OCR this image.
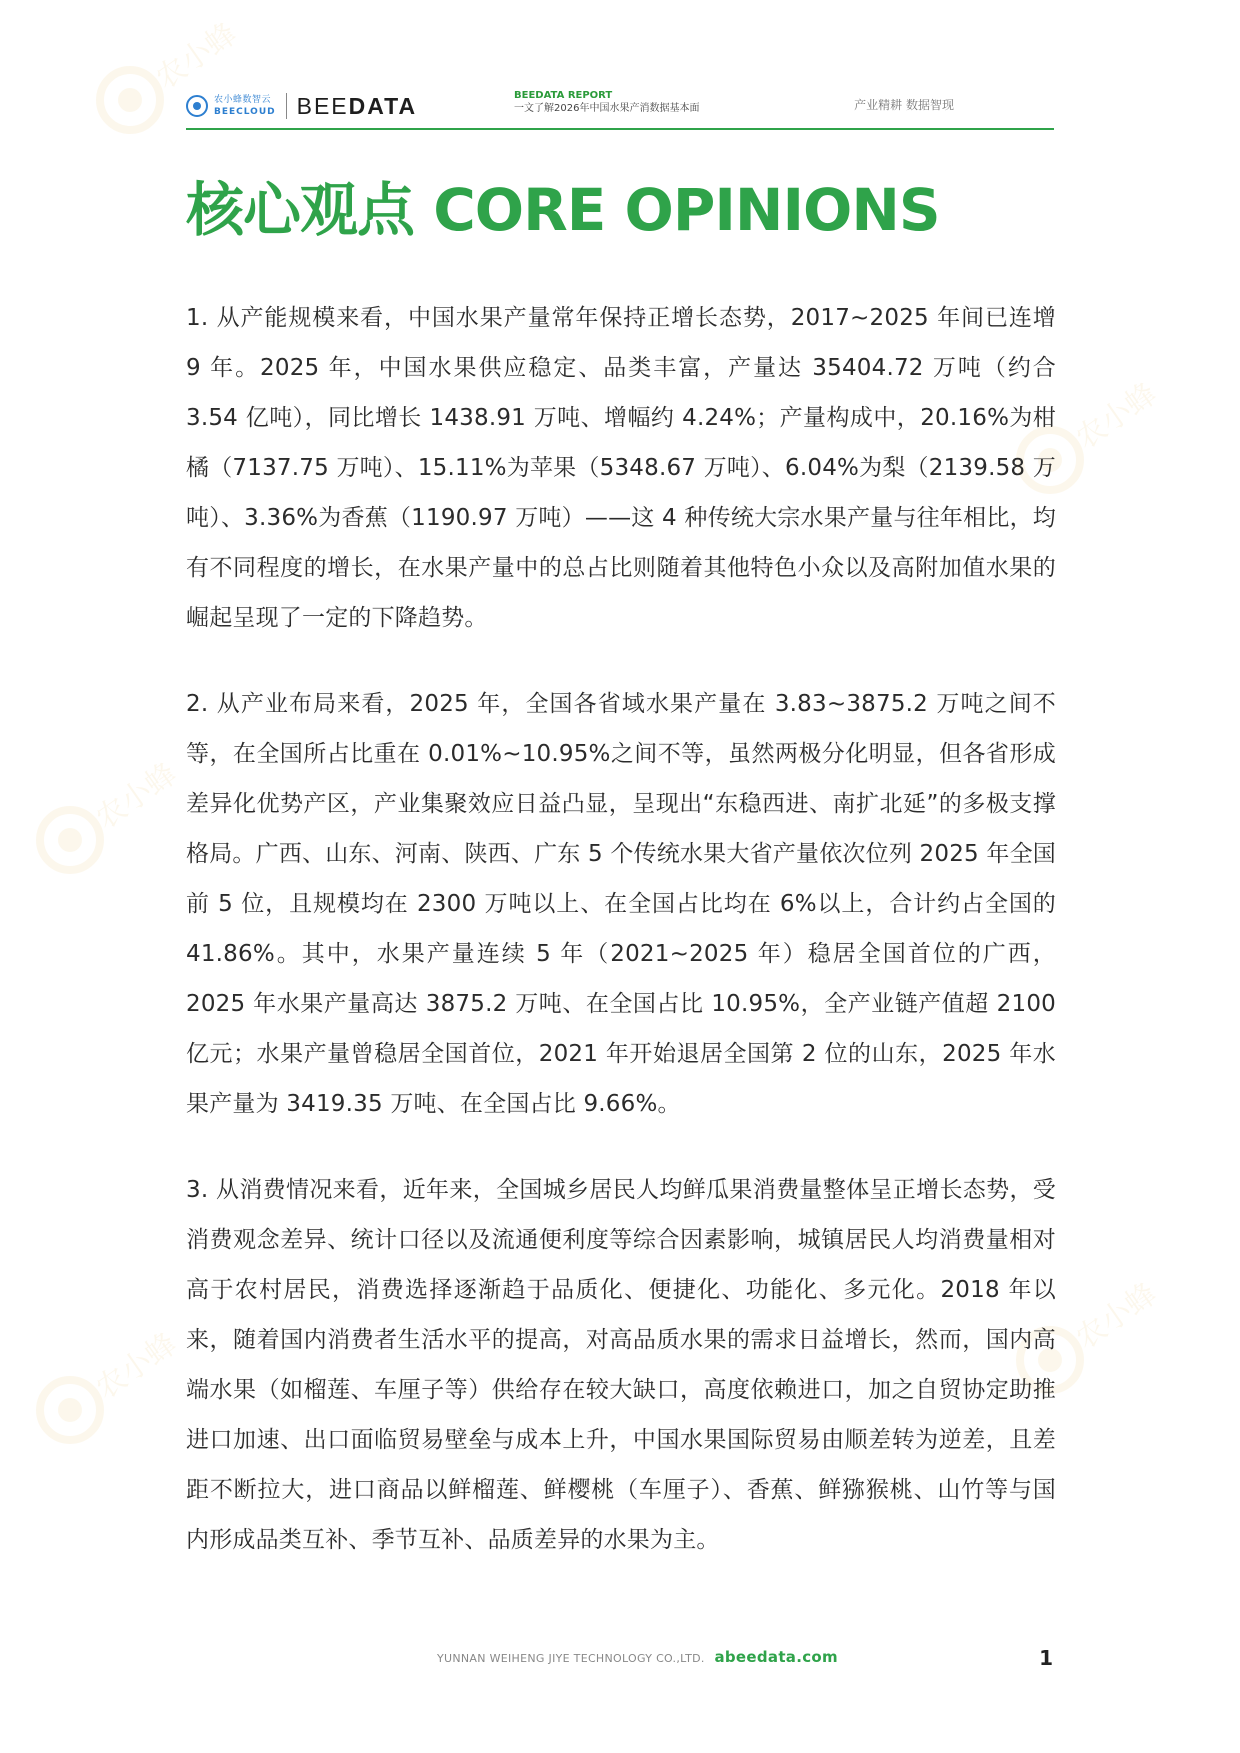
农小蜂
农小蜂
农小蜂
农小蜂
农小蜂
农小蜂数智云
BEECLOUD BEEDATA	BEEDATA REPORT
一文了解2026年中国水果产消数据基本面	产业精耕 数据智现
核心观点 CORE OPINIONS

1. 从产能规模来看，中国水果产量常年保持正增长态势，2017~2025 年间已连增 9 年。2025 年，中国水果供应稳定、品类丰富，产量达 35404.72 万吨（约合 3.54 亿吨），同比增长 1438.91 万吨、增幅约 4.24%；产量构成中，20.16%为柑橘（7137.75 万吨）、15.11%为苹果（5348.67 万吨）、6.04%为梨（2139.58 万吨）、3.36%为香蕉（1190.97 万吨）——这 4 种传统大宗水果产量与往年相比，均有不同程度的增长，在水果产量中的总占比则随着其他特色小众以及高附加值水果的崛起呈现了一定的下降趋势。

2. 从产业布局来看，2025 年，全国各省域水果产量在 3.83~3875.2 万吨之间不等，在全国所占比重在 0.01%~10.95%之间不等，虽然两极分化明显，但各省形成差异化优势产区，产业集聚效应日益凸显，呈现出“东稳西进、南扩北延”的多极支撑格局。广西、山东、河南、陕西、广东 5 个传统水果大省产量依次位列 2025 年全国前 5 位，且规模均在 2300 万吨以上、在全国占比均在 6%以上，合计约占全国的 41.86%。其中，水果产量连续 5 年（2021~2025 年）稳居全国首位的广西，2025 年水果产量高达 3875.2 万吨、在全国占比 10.95%，全产业链产值超 2100 亿元；水果产量曾稳居全国首位，2021 年开始退居全国第 2 位的山东，2025 年水果产量为 3419.35 万吨、在全国占比 9.66%。

3. 从消费情况来看，近年来，全国城乡居民人均鲜瓜果消费量整体呈正增长态势，受消费观念差异、统计口径以及流通便利度等综合因素影响，城镇居民人均消费量相对高于农村居民，消费选择逐渐趋于品质化、便捷化、功能化、多元化。2018 年以来，随着国内消费者生活水平的提高，对高品质水果的需求日益增长，然而，国内高端水果（如榴莲、车厘子等）供给存在较大缺口，高度依赖进口，加之自贸协定助推进口加速、出口面临贸易壁垒与成本上升，中国水果国际贸易由顺差转为逆差，且差距不断拉大，进口商品以鲜榴莲、鲜樱桃（车厘子）、香蕉、鲜猕猴桃、山竹等与国内形成品类互补、季节互补、品质差异的水果为主。

YUNNAN WEIHENG JIYE TECHNOLOGY CO.,LTD. abeedata.com	1
